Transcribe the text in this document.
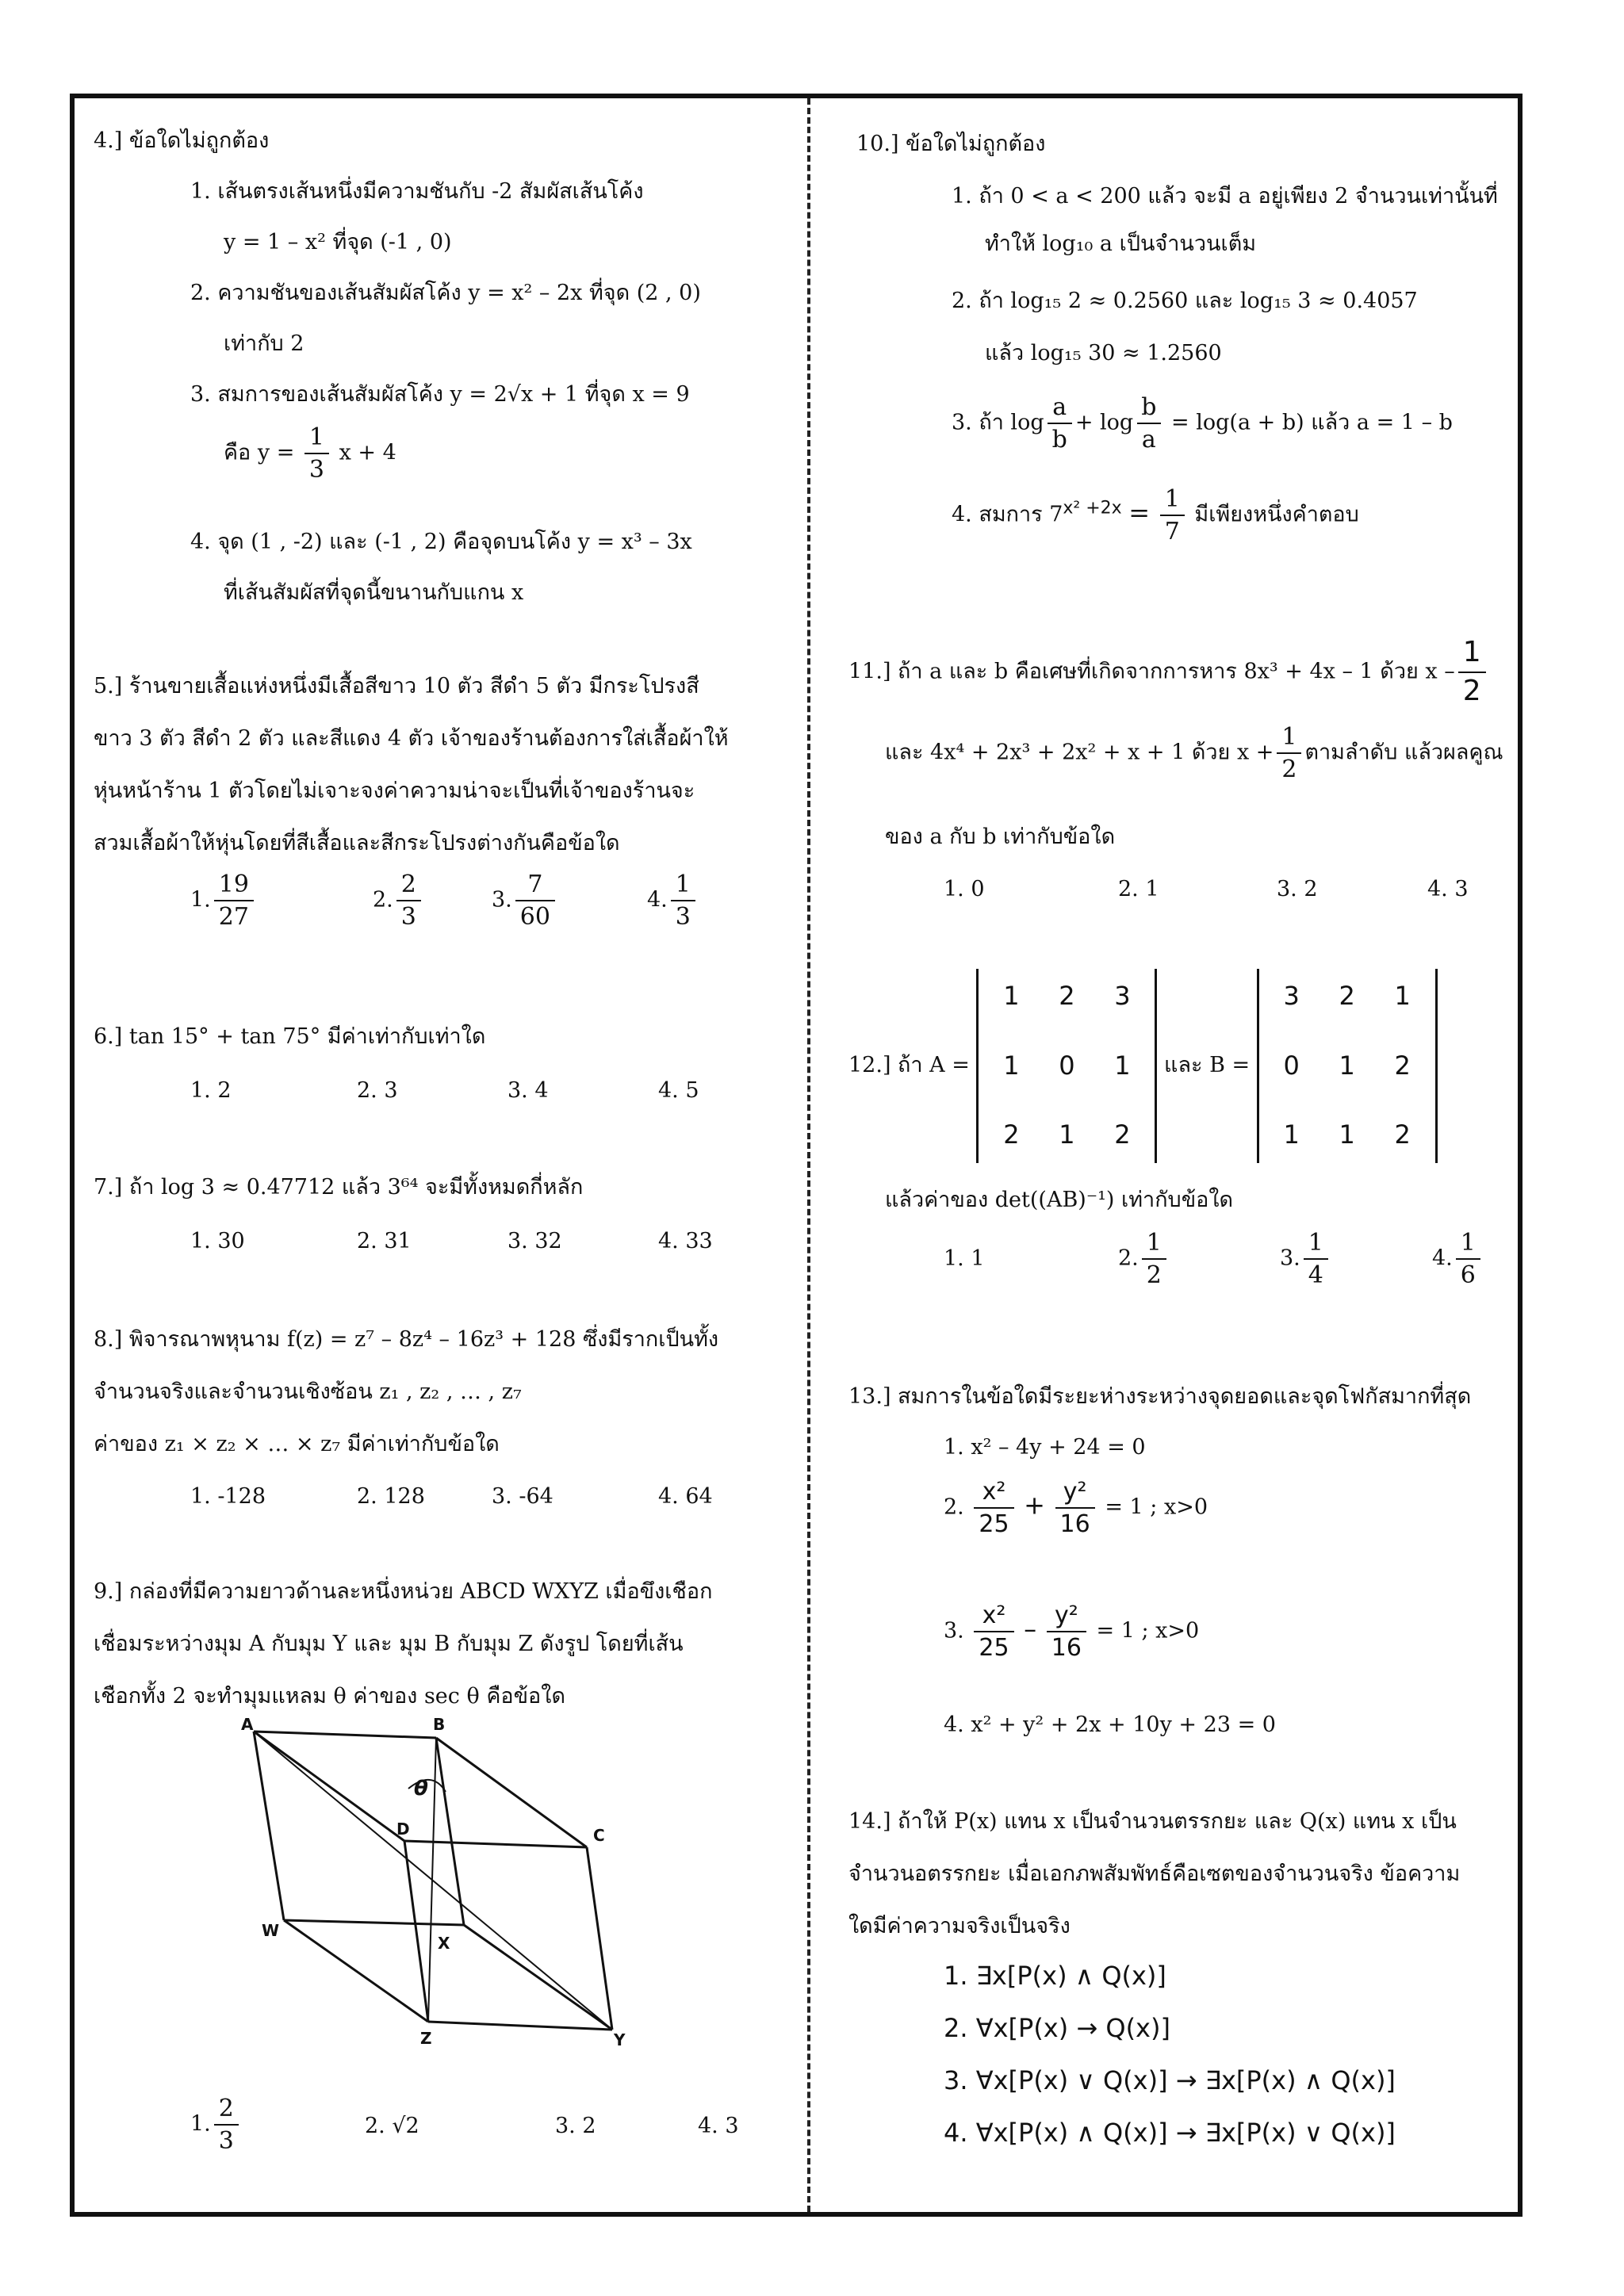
4.] ข้อใดไม่ถูกต้อง
1. เส้นตรงเส้นหนึ่งมีความชันกับ -2 สัมผัสเส้นโค้ง
y = 1 – x² ที่จุด (-1 , 0)
2. ความชันของเส้นสัมผัสโค้ง y = x² – 2x ที่จุด (2 , 0)
เท่ากับ 2
3. สมการของเส้นสัมผัสโค้ง y = 2√x + 1 ที่จุด x = 9
คือ $y = \frac{1}{3}$ x + 4
4. จุด (1 , -2) และ (-1 , 2) คือจุดบนโค้ง y = x³ – 3x
ที่เส้นสัมผัสที่จุดนี้ขนานกับแกน x
5.] ร้านขายเสื้อแห่งหนึ่งมีเสื้อสีขาว 10 ตัว สีดำ 5 ตัว มีกระโปรงสี
ขาว 3 ตัว สีดำ 2 ตัว และสีแดง 4 ตัว เจ้าของร้านต้องการใส่เสื้อผ้าให้
หุ่นหน้าร้าน 1 ตัวโดยไม่เจาะจงค่าความน่าจะเป็นที่เจ้าของร้านจะ
สวมเสื้อผ้าให้หุ่นโดยที่สีเสื้อและสีกระโปรงต่างกันคือข้อใด
1. $\frac{19}{27}$	2. $\frac{2}{3}$	3. $\frac{7}{60}$	4. $\frac{1}{3}$
6.] tan 15° + tan 75° มีค่าเท่ากับเท่าใด
1. 2	2. 3	3. 4	4. 5
7.] ถ้า log 3 ≈ 0.47712 แล้ว 3⁶⁴ จะมีทั้งหมดกี่หลัก
1. 30	2. 31	3. 32	4. 33
8.] พิจารณาพหุนาม f(z) = z⁷ – 8z⁴ – 16z³ + 128 ซึ่งมีรากเป็นทั้ง
จำนวนจริงและจำนวนเชิงซ้อน z₁ , z₂ , … , z₇
ค่าของ z₁ × z₂ × … × z₇ มีค่าเท่ากับข้อใด
1. -128	2. 128	3. -64	4. 64
9.] กล่องที่มีความยาวด้านละหนึ่งหน่วย ABCD WXYZ เมื่อขึงเชือก
เชื่อมระหว่างมุม A กับมุม Y และ มุม B กับมุม Z ดังรูป โดยที่เส้น
เชือกทั้ง 2 จะทำมุมแหลม θ ค่าของ sec θ คือข้อใด
A	B
C
D
W
X
Y
Z
θ
1. $\frac{2}{3}$	2. √2	3. 2	4. 3
10.] ข้อใดไม่ถูกต้อง
1. ถ้า 0 < a < 200 แล้ว จะมี a อยู่เพียง 2 จำนวนเท่านั้นที่
ทำให้ log₁₀ a เป็นจำนวนเต็ม
2. ถ้า log₁₅ 2 ≈ 0.2560 และ log₁₅ 3 ≈ 0.4057
แล้ว log₁₅ 30 ≈ 1.2560
3. ถ้า $\log \frac{a}{b} + \log \frac{b}{a} = \log(a + b)$ แล้ว a = 1 – b
4. สมการ $7^{x^2 +2x} = \frac{1}{7}$ มีเพียงหนึ่งคำตอบ
11.] ถ้า a และ b คือเศษที่เกิดจากการหาร 8x³ + 4x – 1 ด้วย x – $\frac{1}{2}$
และ 4x⁴ + 2x³ + 2x² + x + 1 ด้วย $x + \frac{1}{2}$ ตามลำดับ แล้วผลคูณ
ของ a กับ b เท่ากับข้อใด
1. 0	2. 1	3. 2	4. 3
12.] ถ้า A =
1	2	3
1	0	1
2	1	2
และ B =
3	2	1
0	1	2
1	1	2
แล้วค่าของ det((AB)⁻¹) เท่ากับข้อใด
1. 1	2. $\frac{1}{2}$	3. $\frac{1}{4}$	4. $\frac{1}{6}$
13.] สมการในข้อใดมีระยะห่างระหว่างจุดยอดและจุดโฟกัสมากที่สุด
1. x² – 4y + 24 = 0
2. $\frac{\text{x²}}{25} + \frac{\text{y²}}{16} = 1$ ; x>0
3. $\frac{\text{x²}}{25} - \frac{\text{y²}}{16} = 1$ ; x>0
4. x² + y² + 2x + 10y + 23 = 0
14.] ถ้าให้ P(x) แทน x เป็นจำนวนตรรกยะ และ Q(x) แทน x เป็น
จำนวนอตรรกยะ เมื่อเอกภพสัมพัทธ์คือเซตของจำนวนจริง ข้อความ
ใดมีค่าความจริงเป็นจริง
1. ∃x[P(x) ∧ Q(x)]
2. ∀x[P(x) → Q(x)]
3. ∀x[P(x) ∨ Q(x)] → ∃x[P(x) ∧ Q(x)]
4. ∀x[P(x) ∧ Q(x)] → ∃x[P(x) ∨ Q(x)]
